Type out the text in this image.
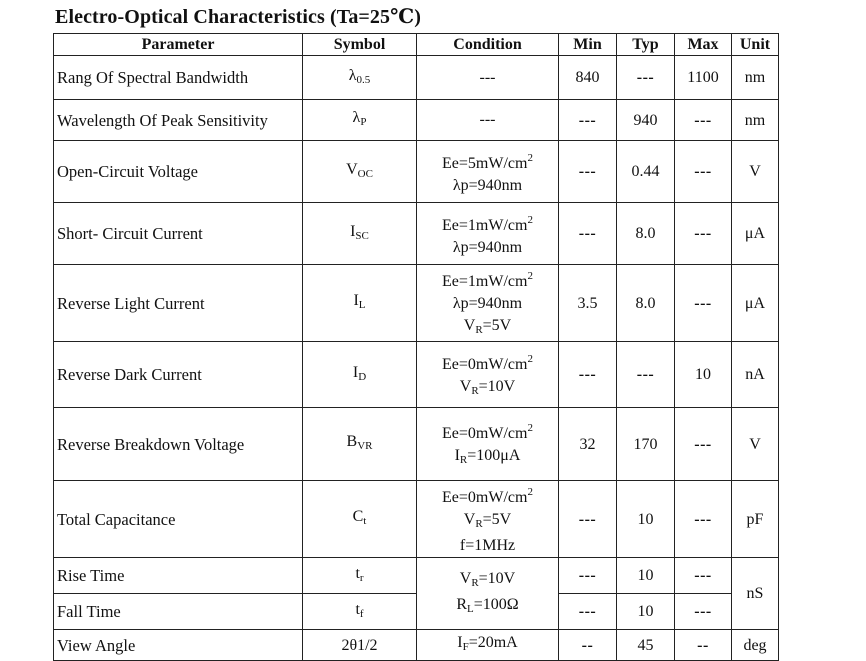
Electro-Optical Characteristics (Ta=25℃)
Parameter	Symbol	Condition	Min	Typ	Max	Unit
Rang Of Spectral Bandwidth	$\lambda_{0.5}$	---	840	---	1100	nm
Wavelength Of Peak Sensitivity	$\lambda_P$	---	---	940	---	nm
Open-Circuit Voltage	$V_{OC}$	$Ee=5mW/cm^2$
λp=940nm	---	0.44	---	V
Short- Circuit Current	$I_{SC}$	$Ee=1mW/cm^2$
λp=940nm	---	8.0	---	μA
Reverse Light Current	$I_L$	$Ee=1mW/cm^2$
λp=940nm
$V_R=5V$	3.5	8.0	---	μA
Reverse Dark Current	$I_D$	$Ee=0mW/cm^2$
$V_R=10V$	---	---	10	nA
Reverse Breakdown Voltage	$B_{VR}$	$Ee=0mW/cm^2$
$I_R=100\mu A$	32	170	---	V
Total Capacitance	$C_t$	$Ee=0mW/cm^2$
$V_R=5V$
f=1MHz	---	10	---	pF
Rise Time	$t_r$	$V_R=10V$
$R_L=100\Omega$	---	10	---	nS
Fall Time	$t_f$		---	10	---	
View Angle	2θ1/2	$I_F=20mA$	--	45	--	deg
